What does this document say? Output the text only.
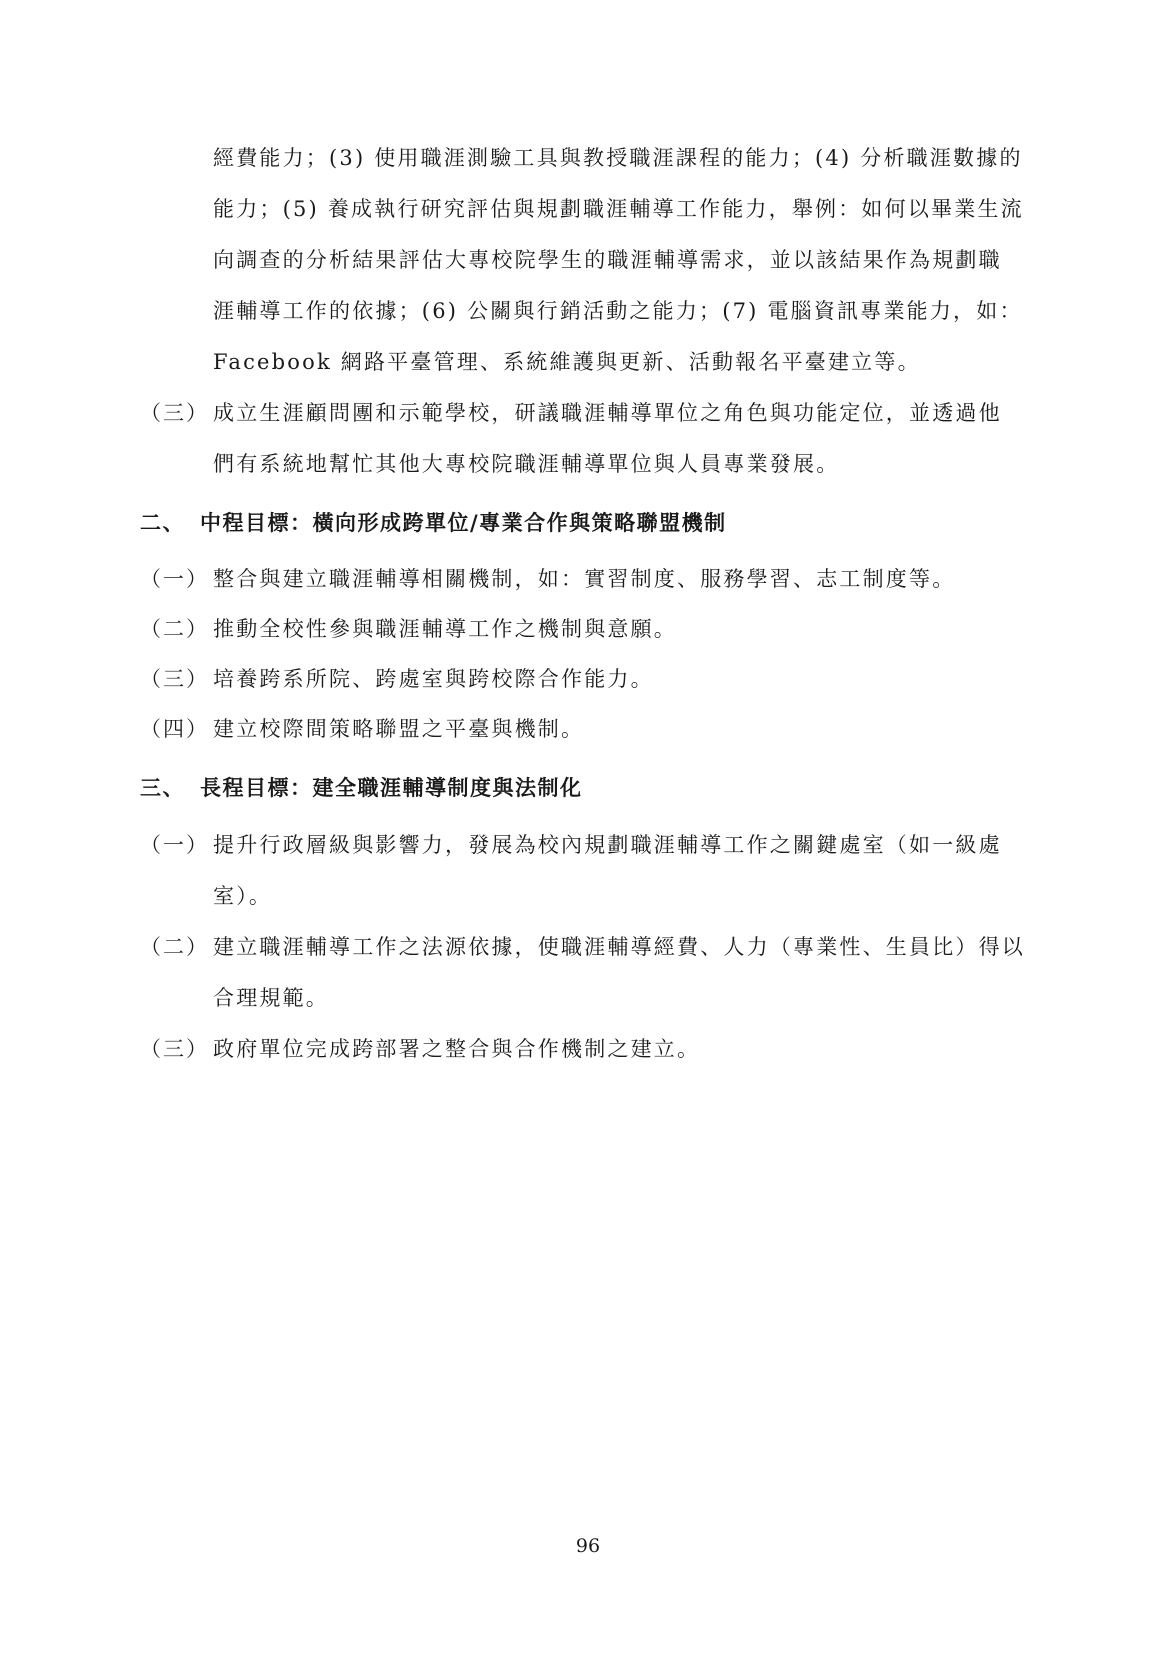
經費能力；(3) 使用職涯測驗工具與教授職涯課程的能力；(4) 分析職涯數據的
能力；(5) 養成執行研究評估與規劃職涯輔導工作能力，舉例：如何以畢業生流
向調查的分析結果評估大專校院學生的職涯輔導需求，並以該結果作為規劃職
涯輔導工作的依據；(6) 公關與行銷活動之能力；(7) 電腦資訊專業能力，如：
Facebook 網路平臺管理、系統維護與更新、活動報名平臺建立等。
（三） 成立生涯顧問團和示範學校，研議職涯輔導單位之角色與功能定位，並透過他
們有系統地幫忙其他大專校院職涯輔導單位與人員專業發展。
二、 中程目標：橫向形成跨單位/專業合作與策略聯盟機制
（一） 整合與建立職涯輔導相關機制，如：實習制度、服務學習、志工制度等。
（二） 推動全校性參與職涯輔導工作之機制與意願。
（三） 培養跨系所院、跨處室與跨校際合作能力。
（四） 建立校際間策略聯盟之平臺與機制。
三、 長程目標：建全職涯輔導制度與法制化
（一） 提升行政層級與影響力，發展為校內規劃職涯輔導工作之關鍵處室（如一級處
室）。
（二） 建立職涯輔導工作之法源依據，使職涯輔導經費、人力（專業性、生員比）得以
合理規範。
（三） 政府單位完成跨部署之整合與合作機制之建立。
96
